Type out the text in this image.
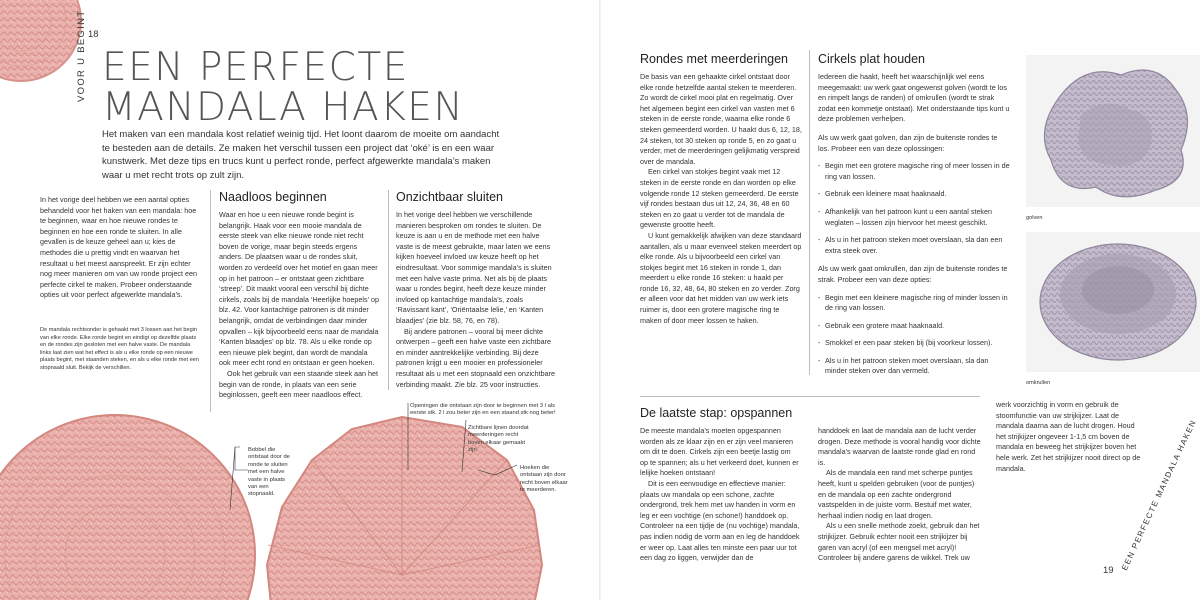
18
VOOR U BEGINT EEN PERFECTE
MANDALA HAKEN

Het maken van een mandala kost relatief weinig tijd. Het loont daarom de moeite om aandacht te besteden aan de details. Ze maken het verschil tussen een project dat ‘oké’ is en een waar kunstwerk. Met deze tips en trucs kunt u perfect ronde, perfect afgewerkte mandala’s maken waar u met recht trots op zult zijn.

In het vorige deel hebben we een aantal opties behandeld voor het haken van een mandala: hoe te beginnen, waar en hoe nieuwe rondes te beginnen en hoe een ronde te sluiten. In alle gevallen is de keuze geheel aan u; kies de methodes die u prettig vindt en waarvan het resultaat u het meest aanspreekt. Er zijn echter nog meer manieren om van uw ronde project een perfecte cirkel te maken. Probeer onderstaande opties uit voor perfect afgewerkte mandala’s.

De mandala rechtsonder is gehaakt met 3 lossen aan het begin van elke ronde. Elke ronde begint en eindigt op dezelfde plaats en de rondes zijn gesloten met een halve vaste. De mandala links laat zien wat het effect is als u elke ronde op een nieuwe plaats begint, met staanden steken, en als u elke ronde met een stopnaald sluit. Bekijk de verschillen.
Naadloos beginnen

Waar en hoe u een nieuwe ronde begint is belangrijk. Haak voor een mooie mandala de eerste steek van elke nieuwe ronde niet recht boven de vorige, maar begin steeds ergens anders. De plaatsen waar u de rondes sluit, worden zo verdeeld over het motief en gaan meer op in het patroon – er ontstaat geen zichtbare ‘streep’. Dit maakt vooral een verschil bij dichte cirkels, zoals bij de mandala ‘Heerlijke hoepels’ op blz. 42. Voor kantachtige patronen is dit minder belangrijk, omdat de verbindingen daar minder opvallen – kijk bijvoorbeeld eens naar de mandala ‘Kanten blaadjes’ op blz. 78. Als u elke ronde op een nieuwe plek begint, dan wordt de mandala ook meer echt rond en ontstaan er geen hoeken.

Ook het gebruik van een staande steek aan het begin van de ronde, in plaats van een serie beginlossen, geeft een meer naadloos effect.

Onzichtbaar sluiten

In het vorige deel hebben we verschillende manieren besproken om rondes te sluiten. De keuze is aan u en de methode met een halve vaste is de meest gebruikte, maar laten we eens kijken hoeveel invloed uw keuze heeft op het eindresultaat. Voor sommige mandala’s is sluiten met een halve vaste prima. Net als bij de plaats waar u rondes begint, heeft deze keuze minder invloed op kantachtige mandala’s, zoals ‘Ravissant kant’, ‘Oriëntaalse lelie,’ en ‘Kanten blaadjes’ (zie blz. 58, 76, en 78).

Bij andere patronen – vooral bij meer dichte ontwerpen – geeft een halve vaste een zichtbare en minder aantrekkelijke verbinding. Bij deze patronen krijgt u een mooier en professioneler resultaat als u met een stopnaald een onzichtbare verbinding maakt. Zie blz. 25 voor instructies.

Bobbel die ontstaat door de ronde te sluiten met een halve vaste in plaats van een stopnaald.
Openingen die ontstaan zijn door te beginnen met 3 l als eerste stk. 2 l zou beter zijn en een staand stk nog beter!
Zichtbare lijnen doordat meerderingen recht boven elkaar gemaakt zijn.
Hoeken die ontstaan zijn door recht boven elkaar te meerderen.
Rondes met meerderingen

De basis van een gehaakte cirkel ontstaat door elke ronde hetzelfde aantal steken te meerderen. Zo wordt de cirkel mooi plat en regelmatig. Over het algemeen begint een cirkel van vasten met 6 steken in de eerste ronde, waarna elke ronde 6 steken gemeerderd worden. U haakt dus 6, 12, 18, 24 steken, tot 30 steken op ronde 5, en zo gaat u verder, met de meerderingen gelijkmatig verspreid over de mandala.

Een cirkel van stokjes begint vaak met 12 steken in de eerste ronde en dan worden op elke volgende ronde 12 steken gemeerderd. De eerste vijf rondes bestaan dus uit 12, 24, 36, 48 en 60 steken en zo gaat u verder tot de mandala de gewenste grootte heeft.

U kunt gemakkelijk afwijken van deze standaard aantallen, als u maar evenveel steken meerdert op elke ronde. Als u bijvoorbeeld een cirkel van stokjes begint met 16 steken in ronde 1, dan meerdert u elke ronde 16 steken: u haakt per ronde 16, 32, 48, 64, 80 steken en zo verder. Zorg er alleen voor dat het midden van uw werk iets ruimer is, door een grotere magische ring te maken of door meer lossen te haken.

Cirkels plat houden

Iedereen die haakt, heeft het waarschijnlijk wel eens meegemaakt: uw werk gaat ongewenst golven (wordt te los en rimpelt langs de randen) of omkrullen (wordt te strak zodat een kommetje ontstaat). Met onderstaande tips kunt u deze problemen verhelpen.

Als uw werk gaat golven, dan zijn de buitenste rondes te los. Probeer een van deze oplossingen:

- Begin met een grotere magische ring of meer lossen in de ring van lossen.
- Gebruik een kleinere maat haaknaald.
- Afhankelijk van het patroon kunt u een aantal steken weglaten – lossen zijn hiervoor het meest geschikt.
- Als u in het patroon steken moet overslaan, sla dan een extra steek over.

Als uw werk gaat omkrullen, dan zijn de buitenste rondes te strak. Probeer een van deze opties:

- Begin met een kleinere magische ring of minder lossen in de ring van lossen.
- Gebruik een grotere maat haaknaald.
- Smokkel er een paar steken bij (bij voorkeur lossen).
- Als u in het patroon steken moet overslaan, sla dan minder steken over dan vermeld.
golven
omkrullen
De laatste stap: opspannen

De meeste mandala’s moeten opgespannen worden als ze klaar zijn en er zijn veel manieren om dit te doen. Cirkels zijn een beetje lastig om op te spannen; als u het verkeerd doet, kunnen er lelijke hoeken ontstaan!

Dit is een eenvoudige en effectieve manier: plaats uw mandala op een schone, zachte ondergrond, trek hem met uw handen in vorm en leg er een vochtige (en schone!) handdoek op. Controleer na een tijdje de (nu vochtige) mandala, pas indien nodig de vorm aan en leg de handdoek er weer op. Laat alles ten minste een paar uur tot een dag zo liggen, verwijder dan de

handdoek en laat de mandala aan de lucht verder drogen. Deze methode is vooral handig voor dichte mandala’s waarvan de laatste ronde glad en rond is.

Als de mandala een rand met scherpe puntjes heeft, kunt u spelden gebruiken (voor de puntjes) en de mandala op een zachte ondergrond vastspelden in de juiste vorm. Bestuif met water, herhaal indien nodig en laat drogen.

Als u een snelle methode zoekt, gebruik dan het strijkijzer. Gebruik echter nooit een strijkijzer bij garen van acryl (of een mengsel met acryl)! Controleer bij andere garens de wikkel. Trek uw

werk voorzichtig in vorm en gebruik de stoomfunctie van uw strijkijzer. Laat de mandala daarna aan de lucht drogen. Houd het strijkijzer ongeveer 1-1,5 cm boven de mandala en beweeg het strijkijzer boven het hele werk. Zet het strijkijzer nooit direct op de mandala.

19 EEN PERFECTE MANDALA HAKEN
